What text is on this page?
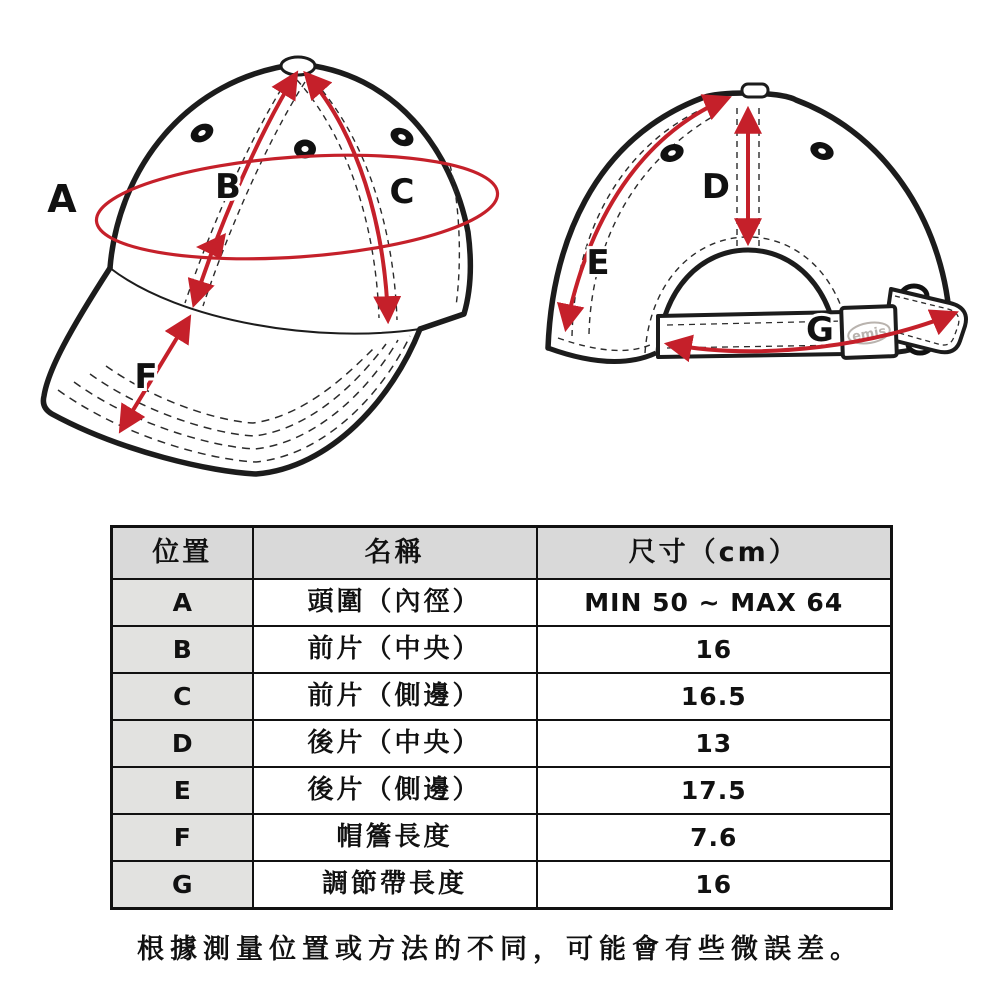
A	B	C
F
emis
D
E
G
位置	名稱	尺寸（cm）
A	頭圍（內徑）	MIN 50 ~ MAX 64
B	前片（中央）	16
C	前片（側邊）	16.5
D	後片（中央）	13
E	後片（側邊）	17.5
F	帽簷長度	7.6
G	調節帶長度	16
根據測量位置或方法的不同，可能會有些微誤差。
